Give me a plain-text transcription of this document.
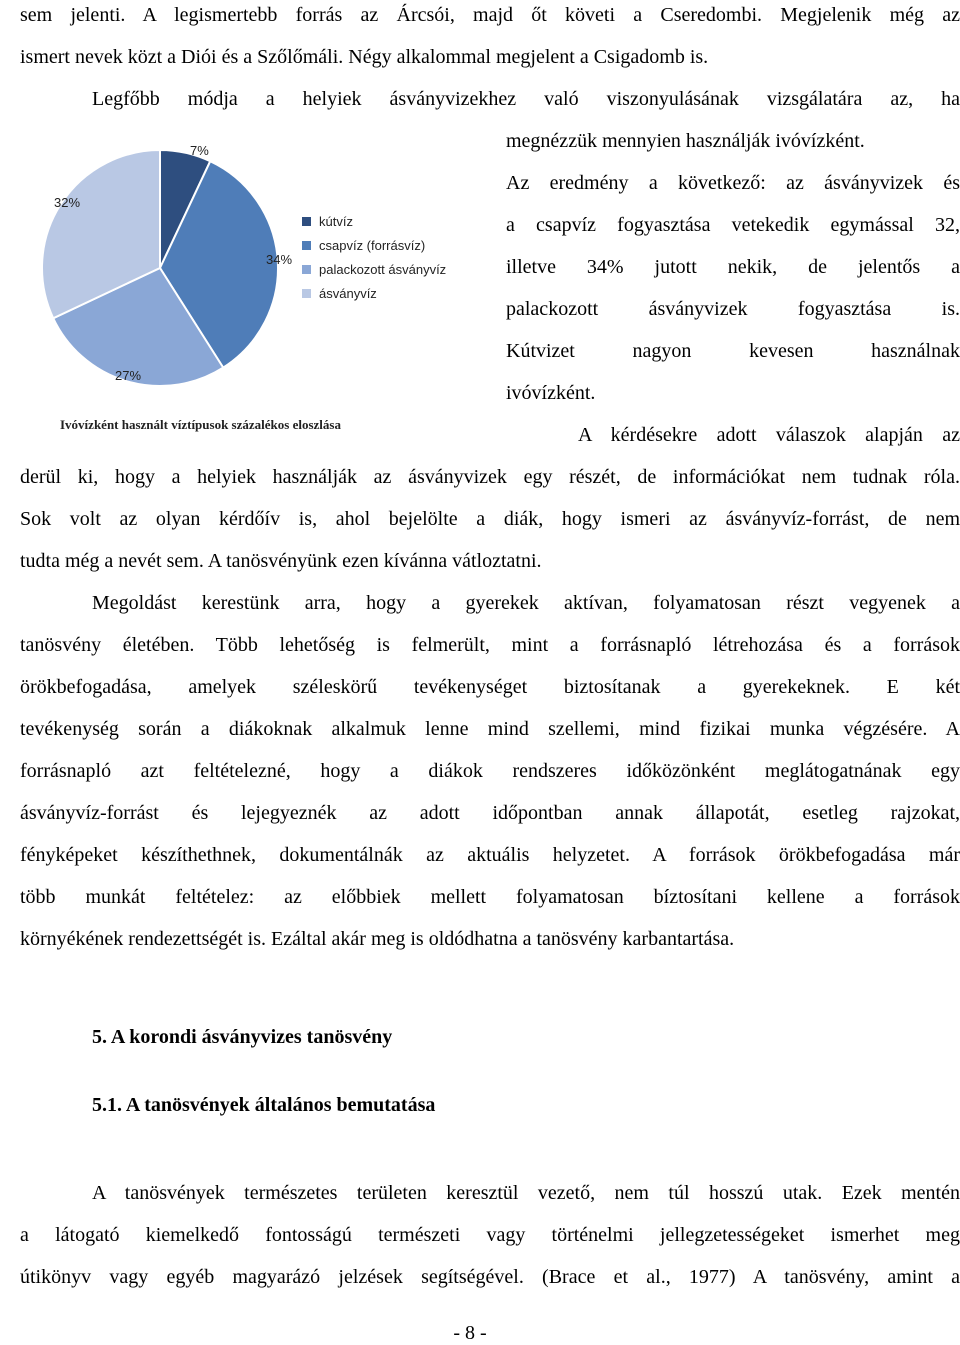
sem jelenti. A legismertebb forrás az Árcsói, majd őt követi a Cseredombi. Megjelenik még az
ismert nevek közt a Diói és a Szőlőmáli. Négy alkalommal megjelent a Csigadomb is.
Legfőbb módja a helyiek ásványvizekhez való viszonyulásának vizsgálatára az, ha
megnézzük mennyien használják ivóvízként.
Az eredmény a következő: az ásványvizek és
a csapvíz fogyasztása vetekedik egymással 32,
illetve 34% jutott nekik, de jelentős a
palackozott ásványvizek fogyasztása is.
Kútvizet nagyon kevesen használnak
ivóvízként.
A kérdésekre adott válaszok alapján az
derül ki, hogy a helyiek használják az ásványvizek egy részét, de információkat nem tudnak róla.
Sok volt az olyan kérdőív is, ahol bejelölte a diák, hogy ismeri az ásványvíz-forrást, de nem
tudta még a nevét sem. A tanösvényünk ezen kívánna vátloztatni.
Megoldást kerestünk arra, hogy a gyerekek aktívan, folyamatosan részt vegyenek a
tanösvény életében. Több lehetőség is felmerült, mint a forrásnapló létrehozása és a források
örökbefogadása, amelyek széleskörű tevékenységet biztosítanak a gyerekeknek. E két
tevékenység során a diákoknak alkalmuk lenne mind szellemi, mind fizikai munka végzésére. A
forrásnapló azt feltételezné, hogy a diákok rendszeres időközönként meglátogatnának egy
ásványvíz-forrást és lejegyeznék az adott időpontban annak állapotát, esetleg rajzokat,
fényképeket készíthethnek, dokumentálnák az aktuális helyzetet. A források örökbefogadása már
több munkát feltételez: az előbbiek mellett folyamatosan bíztosítani kellene a források
környékének rendezettségét is. Ezáltal akár meg is oldódhatna a tanösvény karbantartása.
5. A korondi ásványvizes tanösvény
5.1. A tanösvények általános bemutatása
A tanösvények természetes területen keresztül vezető, nem túl hosszú utak. Ezek mentén
a látogató kiemelkedő fontosságú természeti vagy történelmi jellegzetességeket ismerhet meg
útikönyv vagy egyéb magyarázó jelzések segítségével. (Brace et al., 1977) A tanösvény, amint a
7%
kútvíz
34%
csapvíz (forrásvíz)
27%
palackozott ásványvíz
32%
ásványvíz
Ivóvízként használt víztípusok százalékos eloszlása
- 8 -
